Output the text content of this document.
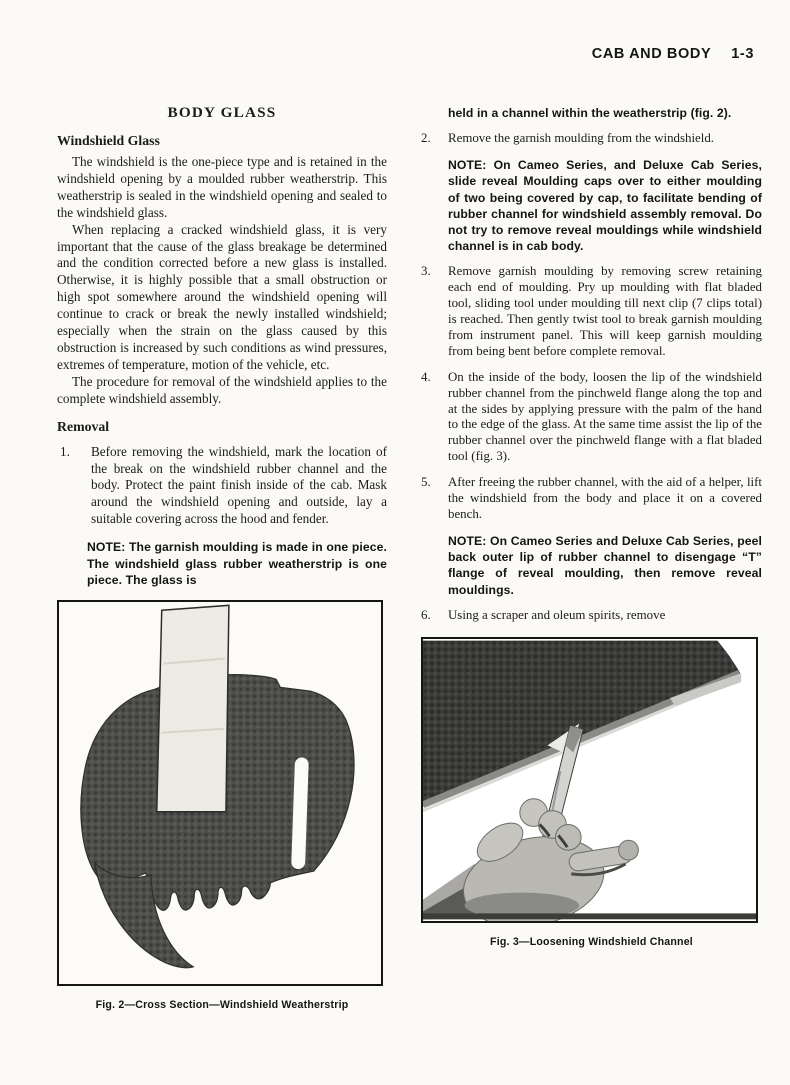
CAB AND BODY 1-3
BODY GLASS
Windshield Glass

The windshield is the one-piece type and is retained in the windshield opening by a moulded rubber weatherstrip. This weatherstrip is sealed in the windshield opening and sealed to the windshield glass.

When replacing a cracked windshield glass, it is very important that the cause of the glass breakage be determined and the condition corrected before a new glass is installed. Otherwise, it is highly possible that a small obstruction or high spot somewhere around the windshield opening will continue to crack or break the newly installed windshield; especially when the strain on the glass caused by this obstruction is increased by such conditions as wind pressures, extremes of temperature, motion of the vehicle, etc.

The procedure for removal of the windshield applies to the complete windshield assembly.

Removal
1.	Before removing the windshield, mark the location of the break on the windshield rubber channel and the body. Protect the paint finish inside of the cab. Mask around the windshield opening and outside, lay a suitable covering across the hood and fender.
NOTE: The garnish moulding is made in one piece. The windshield glass rubber weatherstrip is one piece. The glass is
Fig. 2—Cross Section—Windshield Weatherstrip
held in a channel within the weatherstrip (fig. 2).
2.	Remove the garnish moulding from the windshield.
NOTE: On Cameo Series, and Deluxe Cab Series, slide reveal Moulding caps over to either moulding of two being covered by cap, to facilitate bending of rubber channel for windshield assembly removal. Do not try to remove reveal mouldings while windshield channel is in cab body.
3.	Remove garnish moulding by removing screw retaining each end of moulding. Pry up moulding with flat bladed tool, sliding tool under moulding till next clip (7 clips total) is reached. Then gently twist tool to break garnish moulding from instrument panel. This will keep garnish moulding from being bent before complete removal.
4.	On the inside of the body, loosen the lip of the windshield rubber channel from the pinchweld flange along the top and at the sides by applying pressure with the palm of the hand to the edge of the glass. At the same time assist the lip of the rubber channel over the pinchweld flange with a flat bladed tool (fig. 3).
5.	After freeing the rubber channel, with the aid of a helper, lift the windshield from the body and place it on a covered bench.
NOTE: On Cameo Series and Deluxe Cab Series, peel back outer lip of rubber channel to disengage “T” flange of reveal moulding, then remove reveal mouldings.
6.	Using a scraper and oleum spirits, remove
Fig. 3—Loosening Windshield Channel
